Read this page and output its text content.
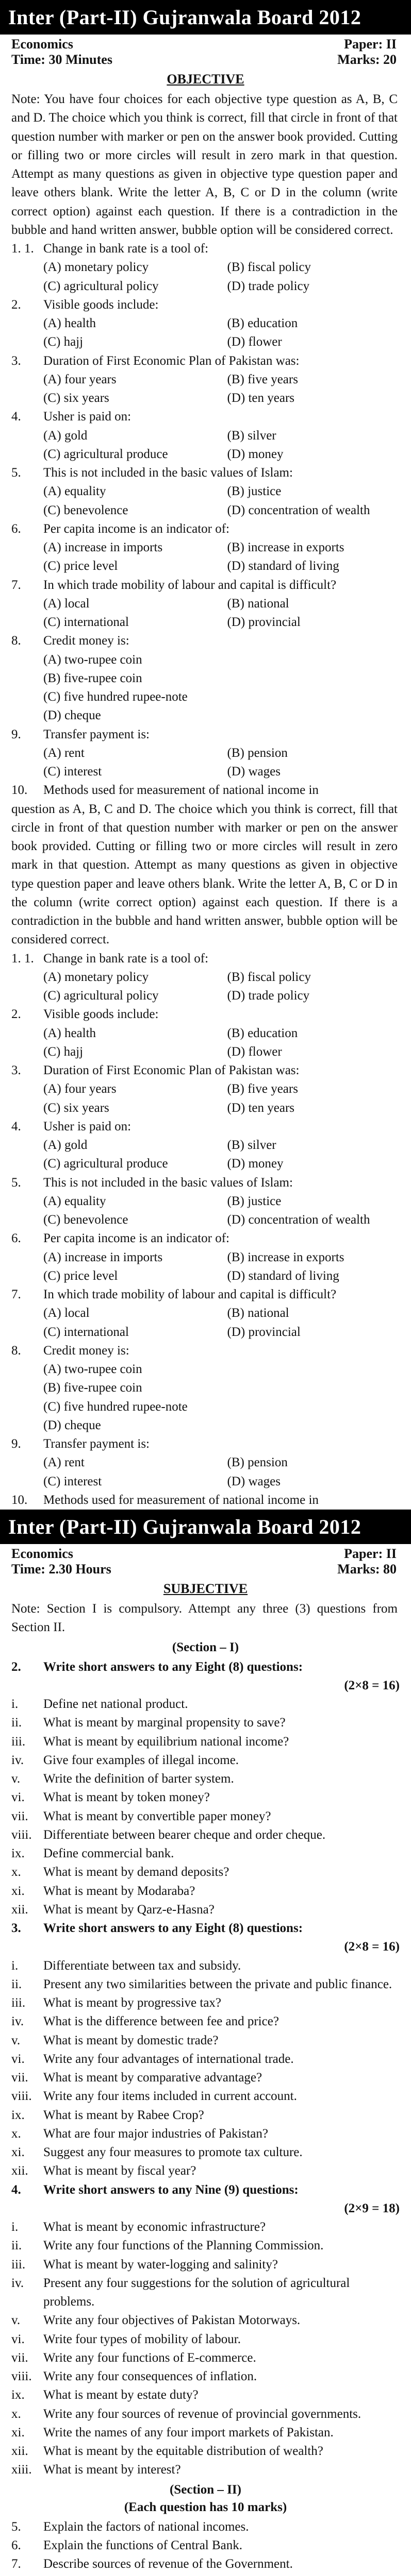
Inter (Part-II) Gujranwala Board 2012
Economics
Time: 30 Minutes
Paper: II
Marks: 20
OBJECTIVE
Note: You have four choices for each objective type question as A, B, C and D. The choice which you think is correct, fill that circle in front of that question number with marker or pen on the answer book provided. Cutting or filling two or more circles will result in zero mark in that question. Attempt as many questions as given in objective type question paper and leave others blank. Write the letter A, B, C or D in the column (write correct option) against each question. If there is a contradiction in the bubble and hand written answer, bubble option will be considered correct.
1. 1. Change in bank rate is a tool of:
(A) monetary policy	(B) fiscal policy
(C) agricultural policy	(D) trade policy
2.	Visible goods include:
(A) health	(B) education
(C) hajj	(D) flower
3.	Duration of First Economic Plan of Pakistan was:
(A) four years	(B) five years
(C) six years	(D) ten years
4.	Usher is paid on:
(A) gold	(B) silver
(C) agricultural produce	(D) money
5.	This is not included in the basic values of Islam:
(A) equality	(B) justice
(C) benevolence	(D) concentration of wealth
6.	Per capita income is an indicator of:
(A) increase in imports	(B) increase in exports
(C) price level	(D) standard of living
7.	In which trade mobility of labour and capital is difficult?
(A) local	(B) national
(C) international	(D) provincial
8.	Credit money is:
(A) two-rupee coin
(B) five-rupee coin
(C) five hundred rupee-note
(D) cheque
9.	Transfer payment is:
(A) rent	(B) pension
(C) interest	(D) wages
10.	Methods used for measurement of national income in
question as A, B, C and D. The choice which you think is correct, fill that circle in front of that question number with marker or pen on the answer book provided. Cutting or filling two or more circles will result in zero mark in that question. Attempt as many questions as given in objective type question paper and leave others blank. Write the letter A, B, C or D in the column (write correct option) against each question. If there is a contradiction in the bubble and hand written answer, bubble option will be considered correct.
1. 1. Change in bank rate is a tool of:
(A) monetary policy	(B) fiscal policy
(C) agricultural policy	(D) trade policy
2.	Visible goods include:
(A) health	(B) education
(C) hajj	(D) flower
3.	Duration of First Economic Plan of Pakistan was:
(A) four years	(B) five years
(C) six years	(D) ten years
4.	Usher is paid on:
(A) gold	(B) silver
(C) agricultural produce	(D) money
5.	This is not included in the basic values of Islam:
(A) equality	(B) justice
(C) benevolence	(D) concentration of wealth
6.	Per capita income is an indicator of:
(A) increase in imports	(B) increase in exports
(C) price level	(D) standard of living
7.	In which trade mobility of labour and capital is difficult?
(A) local	(B) national
(C) international	(D) provincial
8.	Credit money is:
(A) two-rupee coin
(B) five-rupee coin
(C) five hundred rupee-note
(D) cheque
9.	Transfer payment is:
(A) rent	(B) pension
(C) interest	(D) wages
10.	Methods used for measurement of national income in
Inter (Part-II) Gujranwala Board 2012
Economics
Time: 2.30 Hours
Paper: II
Marks: 80
SUBJECTIVE
Note: Section I is compulsory. Attempt any three (3) questions from Section II.
(Section – I)
2.	Write short answers to any Eight (8) questions:
(2×8 = 16)
i.	Define net national product.
ii.	What is meant by marginal propensity to save?
iii.	What is meant by equilibrium national income?
iv.	Give four examples of illegal income.
v.	Write the definition of barter system.
vi.	What is meant by token money?
vii.	What is meant by convertible paper money?
viii. Differentiate between bearer cheque and order cheque.
ix.	Define commercial bank.
x.	What is meant by demand deposits?
xi.	What is meant by Modaraba?
xii.	What is meant by Qarz-e-Hasna?
3.	Write short answers to any Eight (8) questions:
(2×8 = 16)
i.	Differentiate between tax and subsidy.
ii.	Present any two similarities between the private and public finance.
iii.	What is meant by progressive tax?
iv.	What is the difference between fee and price?
v.	What is meant by domestic trade?
vi.	Write any four advantages of international trade.
vii.	What is meant by comparative advantage?
viii. Write any four items included in current account.
ix.	What is meant by Rabee Crop?
x.	What are four major industries of Pakistan?
xi.	Suggest any four measures to promote tax culture.
xii.	What is meant by fiscal year?
4.	Write short answers to any Nine (9) questions:
(2×9 = 18)
i.	What is meant by economic infrastructure?
ii.	Write any four functions of the Planning Commission.
iii.	What is meant by water-logging and salinity?
iv.	Present any four suggestions for the solution of agricultural problems.
v.	Write any four objectives of Pakistan Motorways.
vi.	Write four types of mobility of labour.
vii.	Write any four functions of E-commerce.
viii. Write any four consequences of inflation.
ix.	What is meant by estate duty?
x.	Write any four sources of revenue of provincial governments.
xi.	Write the names of any four import markets of Pakistan.
xii.	What is meant by the equitable distribution of wealth?
xiii. What is meant by interest?
(Section – II)
(Each question has 10 marks)
5.	Explain the factors of national incomes.
6.	Explain the functions of Central Bank.
7.	Describe sources of revenue of the Government.
